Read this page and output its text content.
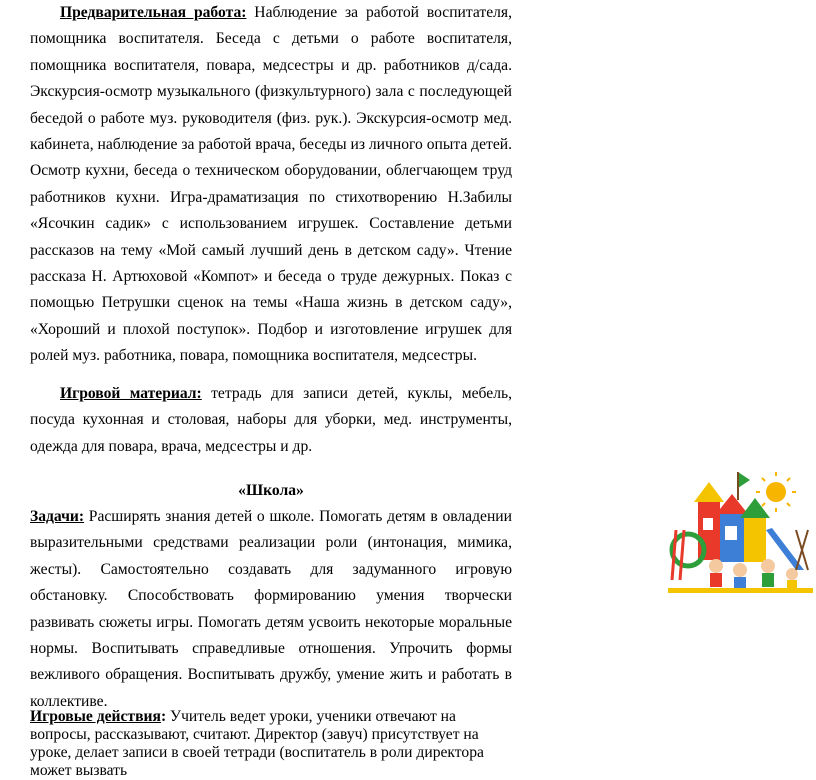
Предварительная работа: Наблюдение за работой воспитателя, помощника воспитателя. Беседа с детьми о работе воспитателя, помощника воспитателя, повара, медсестры и др. работников д/сада. Экскурсия-осмотр музыкального (физкультурного) зала с последующей беседой о работе муз. руководителя (физ. рук.). Экскурсия-осмотр мед. кабинета, наблюдение за работой врача, беседы из личного опыта детей. Осмотр кухни, беседа о техническом оборудовании, облегчающем труд работников кухни. Игра-драматизация по стихотворению Н.Забилы «Ясочкин садик» с использованием игрушек. Составление детьми рассказов на тему «Мой самый лучший день в детском саду». Чтение рассказа Н. Артюховой «Компот» и беседа о труде дежурных. Показ с помощью Петрушки сценок на темы «Наша жизнь в детском саду», «Хороший и плохой поступок». Подбор и изготовление игрушек для ролей муз. работника, повара, помощника воспитателя, медсестры.

Игровой материал: тетрадь для записи детей, куклы, мебель, посуда кухонная и столовая, наборы для уборки, мед. инструменты, одежда для повара, врача, медсестры и др.

«Школа»

Задачи: Расширять знания детей о школе. Помогать детям в овладении выразительными средствами реализации роли (интонация, мимика, жесты). Самостоятельно создавать для задуманного игровую обстановку. Способствовать формированию умения творчески развивать сюжеты игры. Помогать детям усвоить некоторые моральные нормы. Воспитывать справедливые отношения. Упрочить формы вежливого обращения. Воспитывать дружбу, умение жить и работать в коллективе.

Игровые действия: Учитель ведет уроки, ученики отвечают на вопросы, рассказывают, считают. Директор (завуч) присутствует на уроке, делает записи в своей тетради (воспитатель в роли директора может вызвать
